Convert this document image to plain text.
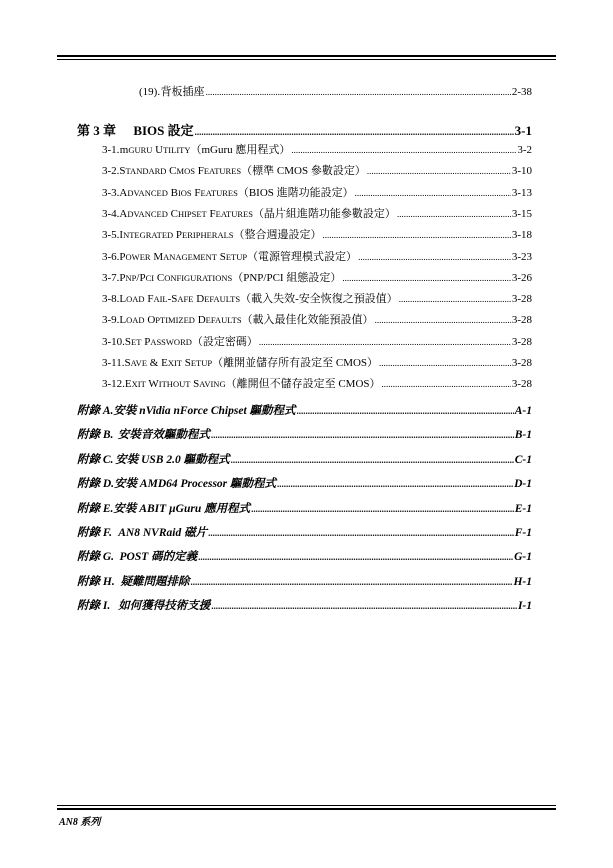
(19). 背板插座 .....	2-38
第 3 章	BIOS 設定 .....	3-1
3-1. mGURU UTILITY（mGuru 應用程式） .....	3-2
3-2. STANDARD CMOS FEATURES（標準 CMOS 參數設定） .....	3-10
3-3. ADVANCED BIOS FEATURES（BIOS 進階功能設定） .....	3-13
3-4. ADVANCED CHIPSET FEATURES（晶片組進階功能參數設定） .....	3-15
3-5. INTEGRATED PERIPHERALS（整合週邊設定） .....	3-18
3-6. POWER MANAGEMENT SETUP（電源管理模式設定） .....	3-23
3-7. PNP/PCI CONFIGURATIONS（PNP/PCI 組態設定） .....	3-26
3-8. LOAD FAIL-SAFE DEFAULTS（載入失效-安全恢復之預設值） .....	3-28
3-9. LOAD OPTIMIZED DEFAULTS（載入最佳化效能預設值） .....	3-28
3-10. SET PASSWORD（設定密碼） .....	3-28
3-11. SAVE & EXIT SETUP（離開並儲存所有設定至 CMOS） .....	3-28
3-12. EXIT WITHOUT SAVING（離開但不儲存設定至 CMOS） .....	3-28
附錄 A. 安裝 nVidia nForce Chipset 驅動程式 .....	A-1
附錄 B. 安裝音效驅動程式 .....	B-1
附錄 C. 安裝 USB 2.0 驅動程式 .....	C-1
附錄 D. 安裝 AMD64 Processor 驅動程式 .....	D-1
附錄 E. 安裝 ABIT µGuru 應用程式 .....	E-1
附錄 F. AN8 NVRaid 磁片 .....	F-1
附錄 G. POST 碼的定義 .....	G-1
附錄 H. 疑難問題排除 .....	H-1
附錄 I. 如何獲得技術支援 .....	I-1
AN8 系列
